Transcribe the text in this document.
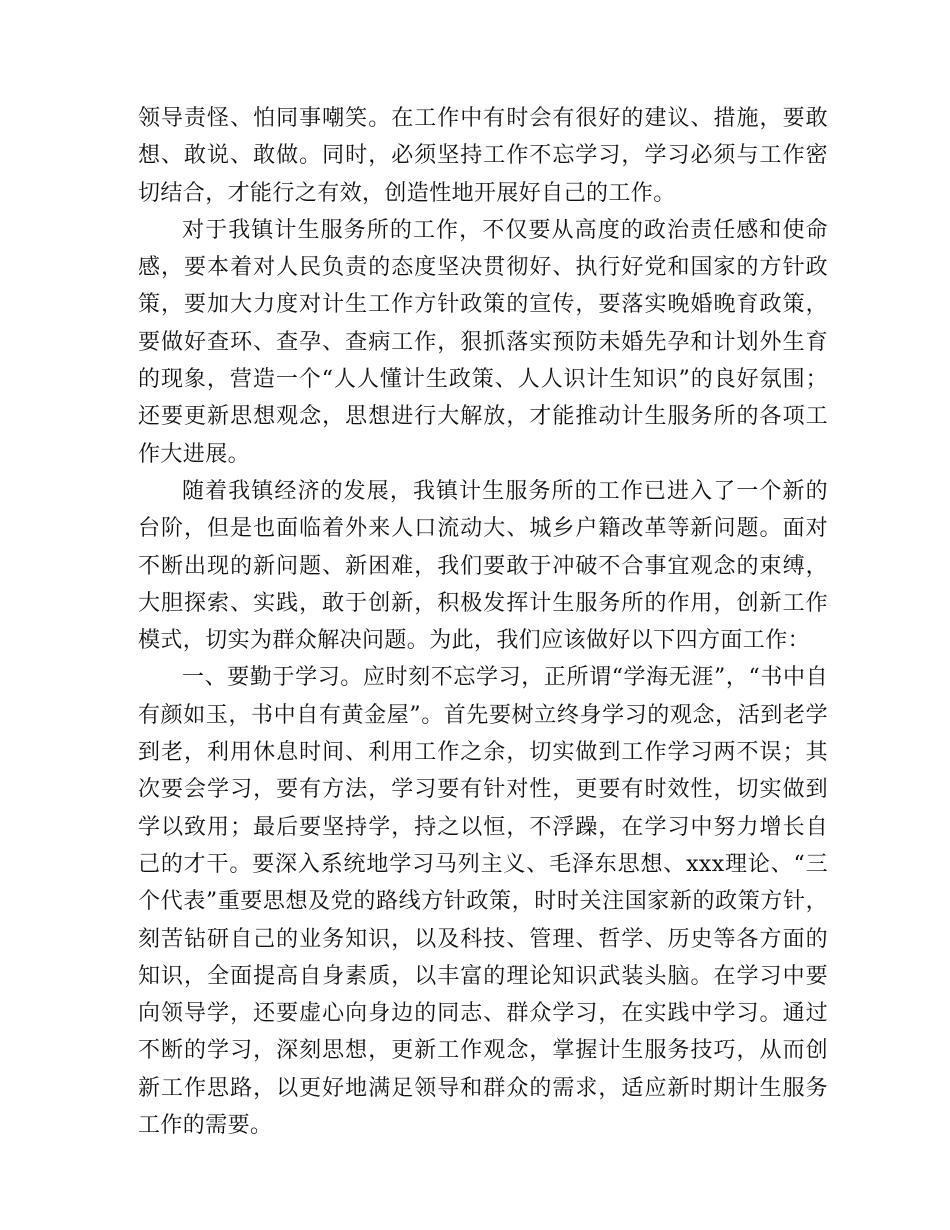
领导责怪、怕同事嘲笑。在工作中有时会有很好的建议、措施，要敢想、敢说、敢做。同时，必须坚持工作不忘学习，学习必须与工作密切结合，才能行之有效，创造性地开展好自己的工作。

对于我镇计生服务所的工作，不仅要从高度的政治责任感和使命感，要本着对人民负责的态度坚决贯彻好、执行好党和国家的方针政策，要加大力度对计生工作方针政策的宣传，要落实晚婚晚育政策，要做好查环、查孕、查病工作，狠抓落实预防未婚先孕和计划外生育的现象，营造一个“人人懂计生政策、人人识计生知识”的良好氛围；还要更新思想观念，思想进行大解放，才能推动计生服务所的各项工作大进展。

随着我镇经济的发展，我镇计生服务所的工作已进入了一个新的台阶，但是也面临着外来人口流动大、城乡户籍改革等新问题。面对不断出现的新问题、新困难，我们要敢于冲破不合事宜观念的束缚，大胆探索、实践，敢于创新，积极发挥计生服务所的作用，创新工作模式，切实为群众解决问题。为此，我们应该做好以下四方面工作：

一、要勤于学习。应时刻不忘学习，正所谓“学海无涯”，“书中自有颜如玉，书中自有黄金屋”。首先要树立终身学习的观念，活到老学到老，利用休息时间、利用工作之余，切实做到工作学习两不误；其次要会学习，要有方法，学习要有针对性，更要有时效性，切实做到学以致用；最后要坚持学，持之以恒，不浮躁，在学习中努力增长自己的才干。要深入系统地学习马列主义、毛泽东思想、xxx理论、“三个代表”重要思想及党的路线方针政策，时时关注国家新的政策方针，刻苦钻研自己的业务知识，以及科技、管理、哲学、历史等各方面的知识，全面提高自身素质，以丰富的理论知识武装头脑。在学习中要向领导学，还要虚心向身边的同志、群众学习，在实践中学习。通过不断的学习，深刻思想，更新工作观念，掌握计生服务技巧，从而创新工作思路，以更好地满足领导和群众的需求，适应新时期计生服务工作的需要。
